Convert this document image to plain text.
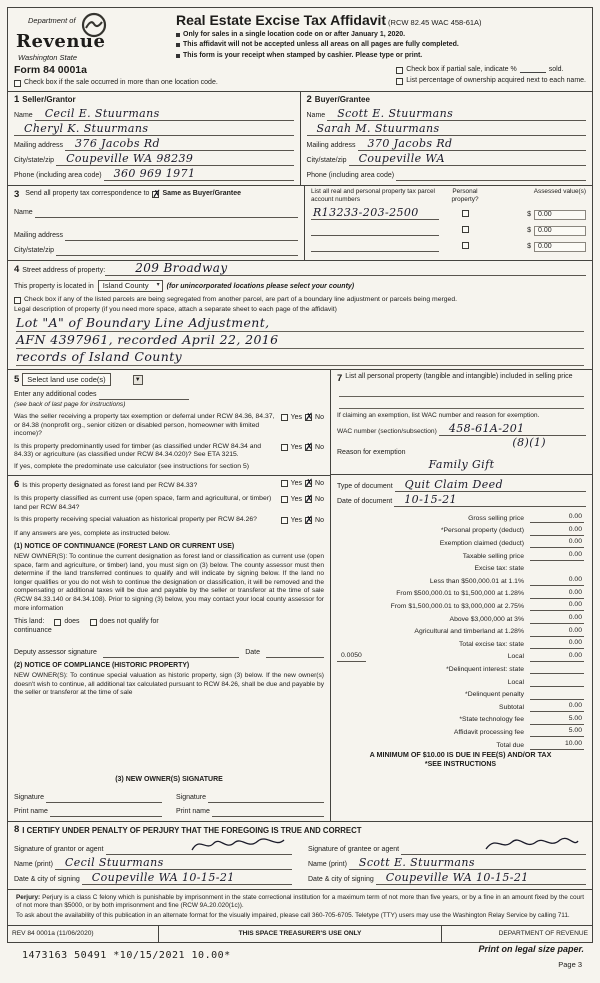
Department of
Revenue
Washington State
Real Estate Excise Tax Affidavit (RCW 82.45 WAC 458-61A)
Only for sales in a single location code on or after January 1, 2020.
This affidavit will not be accepted unless all areas on all pages are fully completed.
This form is your receipt when stamped by cashier. Please type or print.
Form 84 0001a
Check box if the sale occurred in more than one location code.
Check box if partial sale, indicate %	sold.
List percentage of ownership acquired next to each name.
1 Seller/Grantor
Name Cecil E. Stuurmans
Cheryl K. Stuurmans
Mailing address 376 Jacobs Rd
City/state/zip Coupeville WA 98239
Phone (including area code) 360 969 1971
2 Buyer/Grantee
Name Scott E. Stuurmans
Sarah M. Stuurmans
Mailing address 370 Jacobs Rd
City/state/zip Coupeville WA
Phone (including area code)
3 Send all property tax correspondence to ✗ Same as Buyer/Grantee
Name
Mailing address
City/state/zip
List all real and personal property tax parcel account numbers
Personal property?
Assessed value(s)
R13233-203-2500	$	0.00
$	0.00
$	0.00
4 Street address of property:	209 Broadway
This property is located in	Island County ▾	(for unincorporated locations please select your county)
Check box if any of the listed parcels are being segregated from another parcel, are part of a boundary line adjustment or parcels being merged.
Legal description of property (if you need more space, attach a separate sheet to each page of the affidavit)
Lot "A" of Boundary Line Adjustment,
AFN 4397961, recorded April 22, 2016
records of Island County
5	Select land use code(s)	▼
Enter any additional codes
(see back of last page for instructions)
Was the seller receiving a property tax exemption or deferral under RCW 84.36, 84.37, or 84.38 (nonprofit org., senior citizen or disabled person, homeowner with limited income)?
Yes ✗ No
Is this property predominantly used for timber (as classified under RCW 84.34 and 84.33) or agriculture (as classified under RCW 84.34.020)? See ETA 3215.
Yes ✗ No
If yes, complete the predominate use calculator (see instructions for section 5)
6 Is this property designated as forest land per RCW 84.33?	Yes ✗ No
Is this property classified as current use (open space, farm and agricultural, or timber) land per RCW 84.34?
Yes ✗ No
Is this property receiving special valuation as historical property per RCW 84.26?	Yes ✗ No
If any answers are yes, complete as instructed below.
(1) NOTICE OF CONTINUANCE (FOREST LAND OR CURRENT USE)
NEW OWNER(S): To continue the current designation as forest land or classification as current use (open space, farm and agriculture, or timber) land, you must sign on (3) below. The county assessor must then determine if the land transferred continues to qualify and will indicate by signing below. If the land no longer qualifies or you do not wish to continue the designation or classification, it will be removed and the compensating or additional taxes will be due and payable by the seller or transferor at the time of sale (RCW 84.33.140 or 84.34.108). Prior to signing (3) below, you may contact your local county assessor for more information
This land:	does	does not qualify for
continuance
Deputy assessor signature	Date
(2) NOTICE OF COMPLIANCE (HISTORIC PROPERTY)
NEW OWNER(S): To continue special valuation as historic property, sign (3) below. If the new owner(s) doesn't wish to continue, all additional tax calculated pursuant to RCW 84.26, shall be due and payable by the seller or transferor at the time of sale
(3) NEW OWNER(S) SIGNATURE
Signature
Print name
Signature
Print name
7 List all personal property (tangible and intangible) included in selling price
If claiming an exemption, list WAC number and reason for exemption.
WAC number (section/subsection) 458-61A-201
(8)(1)
Reason for exemption
Family Gift
Type of document Quit Claim Deed
Date of document 10-15-21
Gross selling price	0.00
*Personal property (deduct)	0.00
Exemption claimed (deduct)	0.00
Taxable selling price	0.00
Excise tax: state
Less than $500,000.01 at 1.1%	0.00
From $500,000.01 to $1,500,000 at 1.28%	0.00
From $1,500,000.01 to $3,000,000 at 2.75%	0.00
Above $3,000,000 at 3%	0.00
Agricultural and timberland at 1.28%	0.00
Total excise tax: state	0.00
0.0050	Local	0.00
*Delinquent interest: state
Local
*Delinquent penalty
Subtotal	0.00
*State technology fee	5.00
Affidavit processing fee	5.00
Total due	10.00
A MINIMUM OF $10.00 IS DUE IN FEE(S) AND/OR TAX
*SEE INSTRUCTIONS
8 I CERTIFY UNDER PENALTY OF PERJURY THAT THE FOREGOING IS TRUE AND CORRECT
Signature of grantor or agent
Name (print) Cecil Stuurmans
Date & city of signing Coupeville WA 10-15-21
Signature of grantee or agent
Name (print) Scott E. Stuurmans
Date & city of signing Coupeville WA 10-15-21

Perjury: Perjury is a class C felony which is punishable by imprisonment in the state correctional institution for a maximum term of not more than five years, or by a fine in an amount fixed by the court of not more than $5000, or by both imprisonment and fine (RCW 9A.20.020(1c)).

To ask about the availability of this publication in an alternate format for the visually impaired, please call 360-705-6705. Teletype (TTY) users may use the Washington Relay Service by calling 711.

REV 84 0001a (11/06/2020)	THIS SPACE TREASURER'S USE ONLY	DEPARTMENT OF REVENUE
1473163 50491 *10/15/2021 10.00*
Print on legal size paper.
Page 3
